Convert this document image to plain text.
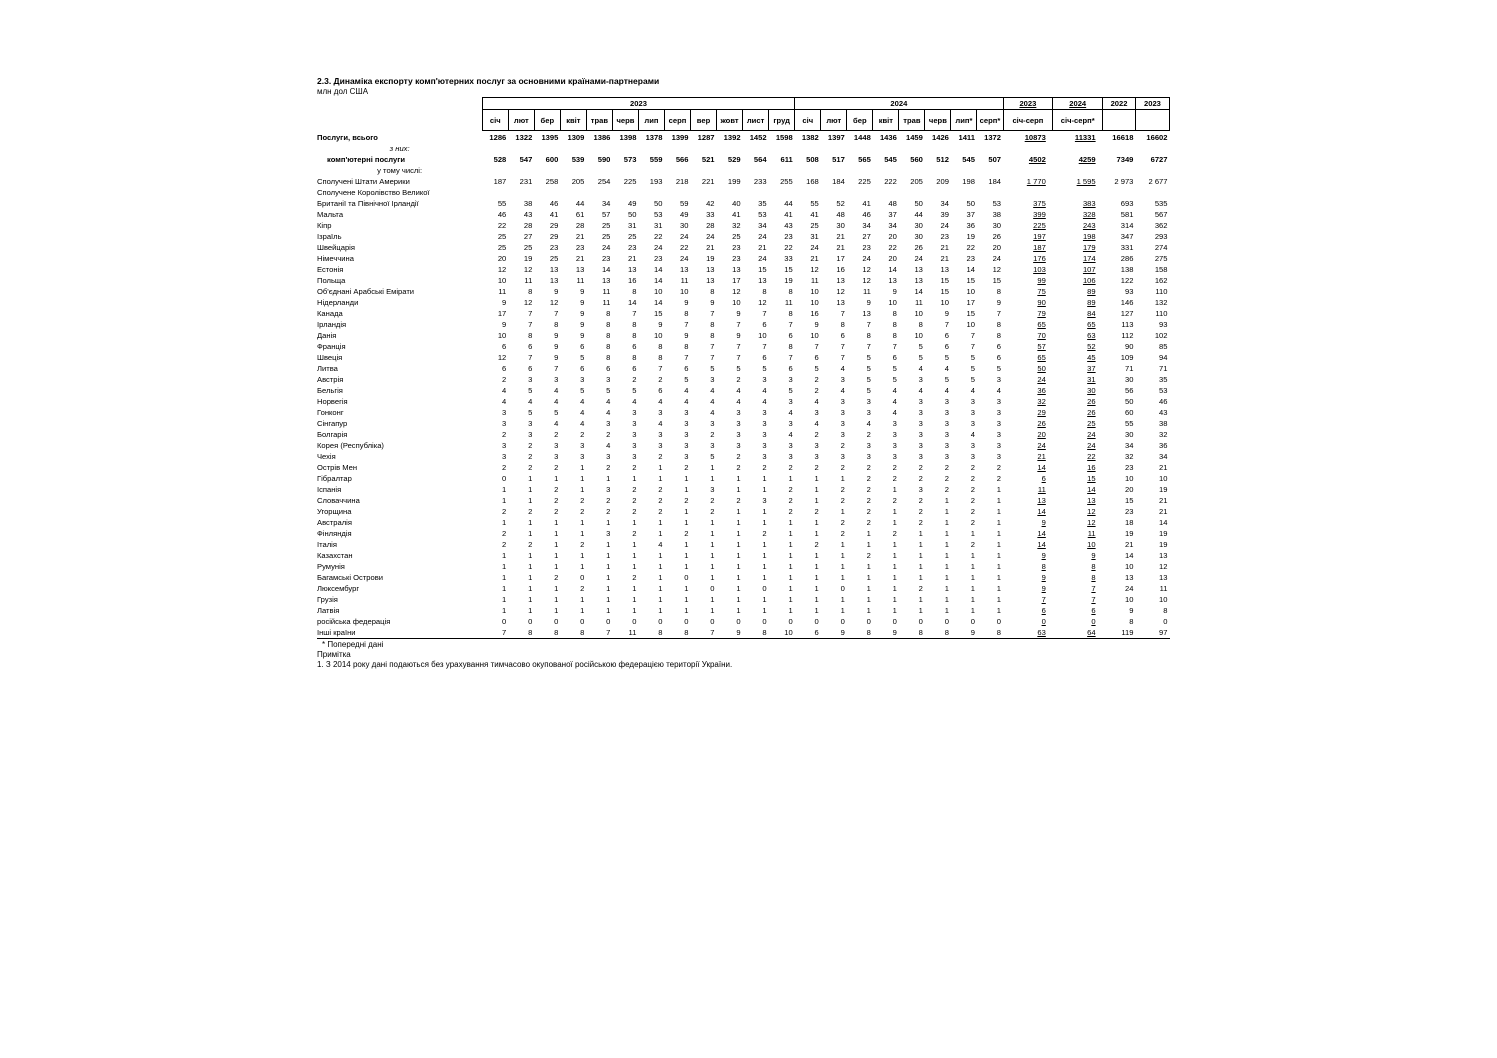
2.3. Динаміка експорту комп'ютерних послуг за основними країнами-партнерами
млн дол США
	2023												2024								2023	2024	2022	2023
	січ	лют	бер	квіт	трав	черв	лип	серп	вер	жовт	лист	груд	січ	лют	бер	квіт	трав	черв	лип*	серп*	січ-серп	січ-серп*		
Послуги, всього	1286	1322	1395	1309	1386	1398	1378	1399	1287	1392	1452	1598	1382	1397	1448	1436	1459	1426	1411	1372	10873	11331	16618	16602
з них:																								
комп'ютерні послуги	528	547	600	539	590	573	559	566	521	529	564	611	508	517	565	545	560	512	545	507	4502	4259	7349	6727
у тому числі:																								
Сполучені Штати Америки	187	231	258	205	254	225	193	218	221	199	233	255	168	184	225	222	205	209	198	184	1 770	1 595	2 973	2 677
Сполучене Королівство Великої																								
Британії та Північної Ірландії	55	38	46	44	34	49	50	59	42	40	35	44	55	52	41	48	50	34	50	53	375	383	693	535
Мальта	46	43	41	61	57	50	53	49	33	41	53	41	41	48	46	37	44	39	37	38	399	328	581	567
Кіпр	22	28	29	28	25	31	31	30	28	32	34	43	25	30	34	34	30	24	36	30	225	243	314	362
Ізраїль	25	27	29	21	25	25	22	24	24	25	24	23	31	21	27	20	30	23	19	26	197	198	347	293
Швейцарія	25	25	23	23	24	23	24	22	21	23	21	22	24	21	23	22	26	21	22	20	187	179	331	274
Німеччина	20	19	25	21	23	21	23	24	19	23	24	33	21	17	24	20	24	21	23	24	176	174	286	275
Естонія	12	12	13	13	14	13	14	13	13	13	15	15	12	16	12	14	13	13	14	12	103	107	138	158
Польща	10	11	13	11	13	16	14	11	13	17	13	19	11	13	12	13	13	15	15	15	99	106	122	162
Об'єднані Арабські Емірати	11	8	9	9	11	8	10	10	8	12	8	8	10	12	11	9	14	15	10	8	75	89	93	110
Нідерланди	9	12	12	9	11	14	14	9	9	10	12	11	10	13	9	10	11	10	17	9	90	89	146	132
Канада	17	7	7	9	8	7	15	8	7	9	7	8	16	7	13	8	10	9	15	7	79	84	127	110
Ірландія	9	7	8	9	8	8	9	7	8	7	6	7	9	8	7	8	8	7	10	8	65	65	113	93
Данія	10	8	9	9	8	8	10	9	8	9	10	6	10	6	8	8	10	6	7	8	70	63	112	102
Франція	6	6	9	6	8	6	8	8	7	7	7	8	7	7	7	7	5	6	7	6	57	52	90	85
Швеція	12	7	9	5	8	8	8	7	7	7	6	7	6	7	5	6	5	5	5	6	65	45	109	94
Литва	6	6	7	6	6	6	7	6	5	5	5	6	5	4	5	5	4	4	5	5	50	37	71	71
Австрія	2	3	3	3	3	2	2	5	3	2	3	3	2	3	5	5	3	5	5	3	24	31	30	35
Бельгія	4	5	4	5	5	5	6	4	4	4	4	5	2	4	5	4	4	4	4	4	36	30	56	53
Норвегія	4	4	4	4	4	4	4	4	4	4	4	3	4	3	3	4	3	3	3	3	32	26	50	46
Гонконг	3	5	5	4	4	3	3	3	4	3	3	4	3	3	3	4	3	3	3	3	29	26	60	43
Сінгапур	3	3	4	4	3	3	4	3	3	3	3	3	4	3	4	3	3	3	3	3	26	25	55	38
Болгарія	2	3	2	2	2	3	3	3	2	3	3	4	2	3	2	3	3	3	4	3	20	24	30	32
Корея (Республіка)	3	2	3	3	4	3	3	3	3	3	3	3	3	2	3	3	3	3	3	3	24	24	34	36
Чехія	3	2	3	3	3	3	2	3	5	2	3	3	3	3	3	3	3	3	3	3	21	22	32	34
Острів Мен	2	2	2	1	2	2	1	2	1	2	2	2	2	2	2	2	2	2	2	2	14	16	23	21
Гібралтар	0	1	1	1	1	1	1	1	1	1	1	1	1	1	2	2	2	2	2	2	6	15	10	10
Іспанія	1	1	2	1	3	2	2	1	3	1	1	2	1	2	2	1	3	2	2	1	11	14	20	19
Словаччина	1	1	2	2	2	2	2	2	2	2	3	2	1	2	2	2	2	1	2	1	13	13	15	21
Угорщина	2	2	2	2	2	2	2	1	2	1	1	2	2	1	2	1	2	1	2	1	14	12	23	21
Австралія	1	1	1	1	1	1	1	1	1	1	1	1	1	2	2	1	2	1	2	1	9	12	18	14
Фінляндія	2	1	1	1	3	2	1	2	1	1	2	1	1	2	1	2	1	1	1	1	14	11	19	19
Італія	2	2	1	2	1	1	4	1	1	1	1	1	2	1	1	1	1	1	2	1	14	10	21	19
Казахстан	1	1	1	1	1	1	1	1	1	1	1	1	1	1	2	1	1	1	1	1	9	9	14	13
Румунія	1	1	1	1	1	1	1	1	1	1	1	1	1	1	1	1	1	1	1	1	8	8	10	12
Багамські Острови	1	1	2	0	1	2	1	0	1	1	1	1	1	1	1	1	1	1	1	1	9	8	13	13
Люксембург	1	1	1	2	1	1	1	1	0	1	0	1	1	0	1	1	2	1	1	1	9	7	24	11
Грузія	1	1	1	1	1	1	1	1	1	1	1	1	1	1	1	1	1	1	1	1	7	7	10	10
Латвія	1	1	1	1	1	1	1	1	1	1	1	1	1	1	1	1	1	1	1	1	6	6	9	8
російська федерація	0	0	0	0	0	0	0	0	0	0	0	0	0	0	0	0	0	0	0	0	0	0	8	0
Інші країни	7	8	8	8	7	11	8	8	7	9	8	10	6	9	8	9	8	8	9	8	63	64	119	97
* Попередні дані
Примітка
1. З 2014 року дані подаються без урахування тимчасово окупованої російською федерацією території України.
